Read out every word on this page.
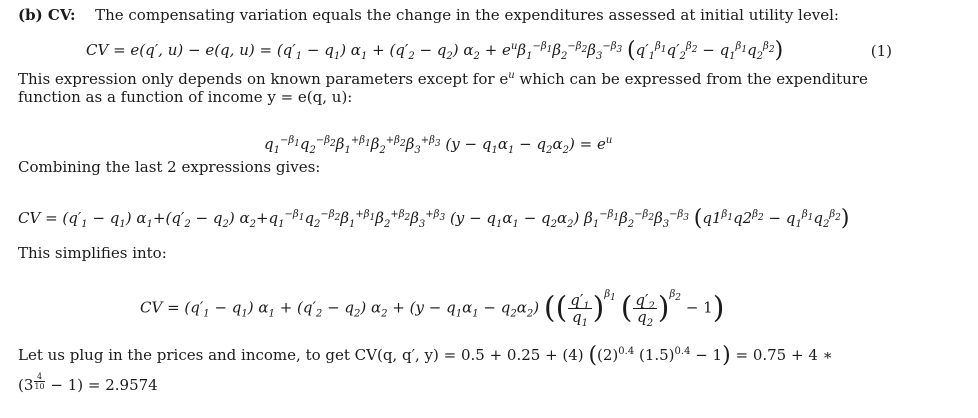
(b) CV: The compensating variation equals the change in the expenditures assessed at initial utility level:
CV = e(q′, u) − e(q, $u) = (q'_1 - q_1) \alpha_1 + (q'_2 - q_2) \alpha_2 + e^u\beta_1^{-\beta_1}\beta_2^{-\beta_2}\beta_3^{-\beta_3}$ $(q'_1^{\beta_1}q'_2^{\beta_2} - q_1^{\beta_1}q_2^{\beta_2})$	(1)
This expression only depends on known parameters except for $e^u$ which can be expressed from the expenditure
function as a function of income y = e(q, u):
$q_1^{-\beta_1}q_2^{-\beta_2}\beta_1^{+\beta_1}\beta_2^{+\beta_2}\beta_3^{+\beta_3}$ $(y - q_1\alpha_1 - q_2\alpha_2) = e^u$
Combining the last 2 expressions gives:
CV = $(q'_1 - q_1) \alpha_1+(q'_2 - q_2)$ $\alpha_2+q_1^{-\beta_1}q_2^{-\beta_2}\beta_1^{+\beta_1}\beta_2^{+\beta_2}\beta_3^{+\beta_3}$ $(y - q_1\alpha_1 - q_2\alpha_2)$ $\beta_1^{-\beta_1}\beta_2^{-\beta_2}\beta_3^{-\beta_3}$ $(q1^{\beta_1}q2^{\beta_2} - q_1^{\beta_1}q_2^{\beta_2})$
This simplifies into:
CV = $(q'_1 - q_1) \alpha_1 + (q'_2 - q_2) \alpha_2 + (y - q_1\alpha_1 - q_2\alpha_2)$ (( $\frac{q'_1}{q_1} )^{\beta_1}$ ( $\frac{q'_2}{q_2} )^{\beta_2} - 1$)
Let us plug in the prices and income, to get CV(q, q′, y) = 0.5 + 0.25 + (4) ($(2)^{0.4}$ $(1.5)^{0.4} - 1) = 0.75 + 4$ ∗
(3 $^{\frac{4}{10}}$ − 1) = 2.9574
